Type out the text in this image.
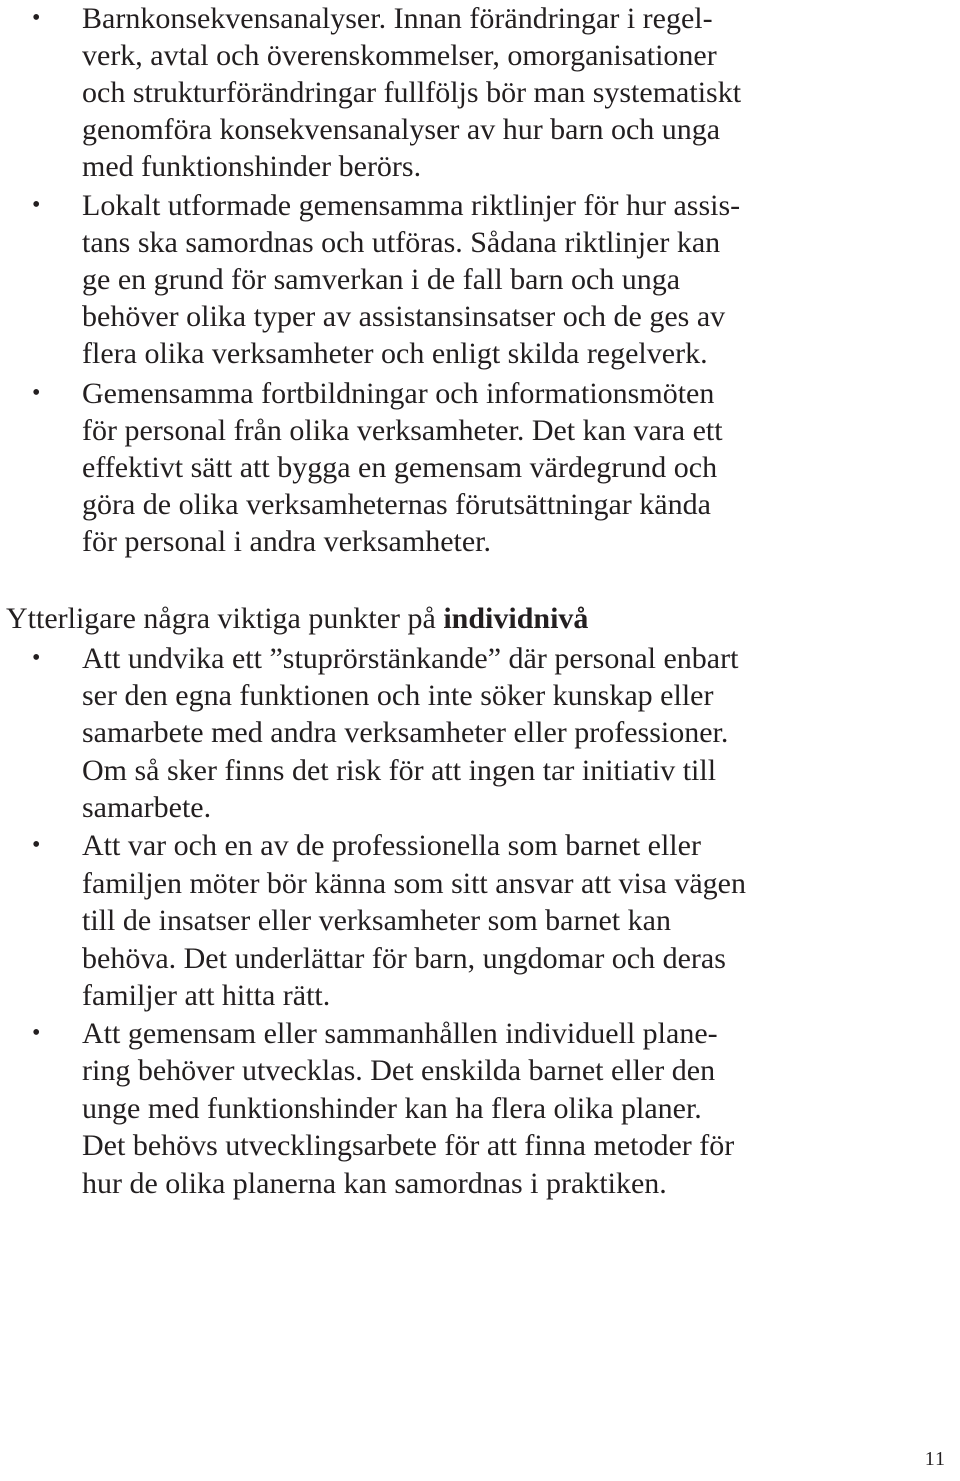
• Barnkonsekvensanalyser. Innan förändringar i regel-

verk, avtal och överenskommelser, omorganisationer

och strukturförändringar fullföljs bör man systematiskt

genomföra konsekvensanalyser av hur barn och unga

med funktionshinder berörs.

• Lokalt utformade gemensamma riktlinjer för hur assis-

tans ska samordnas och utföras. Sådana riktlinjer kan

ge en grund för samverkan i de fall barn och unga

behöver olika typer av assistansinsatser och de ges av

flera olika verksamheter och enligt skilda regelverk.

• Gemensamma fortbildningar och informationsmöten

för personal från olika verksamheter. Det kan vara ett

effektivt sätt att bygga en gemensam värdegrund och

göra de olika verksamheternas förutsättningar kända

för personal i andra verksamheter.

Ytterligare några viktiga punkter på individnivå

• Att undvika ett ”stuprörstänkande” där personal enbart

ser den egna funktionen och inte söker kunskap eller

samarbete med andra verksamheter eller professioner.

Om så sker finns det risk för att ingen tar initiativ till

samarbete.

• Att var och en av de professionella som barnet eller

familjen möter bör känna som sitt ansvar att visa vägen

till de insatser eller verksamheter som barnet kan

behöva. Det underlättar för barn, ungdomar och deras

familjer att hitta rätt.

• Att gemensam eller sammanhållen individuell plane-

ring behöver utvecklas. Det enskilda barnet eller den

unge med funktionshinder kan ha flera olika planer.

Det behövs utvecklingsarbete för att finna metoder för

hur de olika planerna kan samordnas i praktiken.

11
